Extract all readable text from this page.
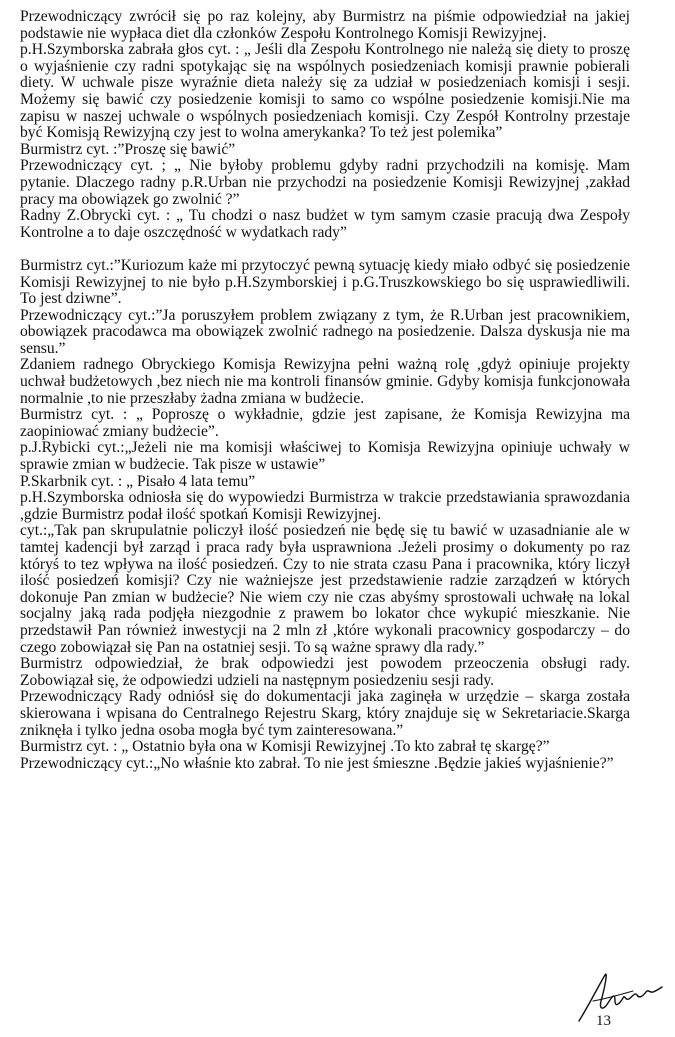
Przewodniczący zwrócił się po raz kolejny, aby Burmistrz na piśmie odpowiedział na jakiej podstawie nie wypłaca diet dla członków Zespołu Kontrolnego Komisji Rewizyjnej.

p.H.Szymborska zabrała głos cyt. : „ Jeśli dla Zespołu Kontrolnego nie należą się diety to proszę o wyjaśnienie czy radni spotykając się na wspólnych posiedzeniach komisji prawnie pobierali diety. W uchwale pisze wyraźnie dieta należy się za udział w posiedzeniach komisji i sesji. Możemy się bawić czy posiedzenie komisji to samo co wspólne posiedzenie komisji.Nie ma zapisu w naszej uchwale o wspólnych posiedzeniach komisji. Czy Zespół Kontrolny przestaje być Komisją Rewizyjną czy jest to wolna amerykanka? To też jest polemika”

Burmistrz cyt. :”Proszę się bawić”

Przewodniczący cyt. ; „ Nie byłoby problemu gdyby radni przychodzili na komisję. Mam pytanie. Dlaczego radny p.R.Urban nie przychodzi na posiedzenie Komisji Rewizyjnej ,zakład pracy ma obowiązek go zwolnić ?”

Radny Z.Obrycki cyt. : „ Tu chodzi o nasz budżet w tym samym czasie pracują dwa Zespoły Kontrolne a to daje oszczędność w wydatkach rady”

Burmistrz cyt.:”Kuriozum każe mi przytoczyć pewną sytuację kiedy miało odbyć się posiedzenie Komisji Rewizyjnej to nie było p.H.Szymborskiej i p.G.Truszkowskiego bo się usprawiedliwili. To jest dziwne”.

Przewodniczący cyt.:”Ja poruszyłem problem związany z tym, że R.Urban jest pracownikiem, obowiązek pracodawca ma obowiązek zwolnić radnego na posiedzenie. Dalsza dyskusja nie ma sensu.”

Zdaniem radnego Obryckiego Komisja Rewizyjna pełni ważną rolę ,gdyż opiniuje projekty uchwał budżetowych ,bez niech nie ma kontroli finansów gminie. Gdyby komisja funkcjonowała normalnie ,to nie przeszłaby żadna zmiana w budżecie.

Burmistrz cyt. : „ Poproszę o wykładnie, gdzie jest zapisane, że Komisja Rewizyjna ma zaopiniować zmiany budżecie”.

p.J.Rybicki cyt.:„Jeżeli nie ma komisji właściwej to Komisja Rewizyjna opiniuje uchwały w sprawie zmian w budżecie. Tak pisze w ustawie”

P.Skarbnik cyt. : „ Pisało 4 lata temu”

p.H.Szymborska odniosła się do wypowiedzi Burmistrza w trakcie przedstawiania sprawozdania ,gdzie Burmistrz podał ilość spotkań Komisji Rewizyjnej.

cyt.:„Tak pan skrupulatnie policzył ilość posiedzeń nie będę się tu bawić w uzasadnianie ale w tamtej kadencji był zarząd i praca rady była usprawniona .Jeżeli prosimy o dokumenty po raz któryś to tez wpływa na ilość posiedzeń. Czy to nie strata czasu Pana i pracownika, który liczył ilość posiedzeń komisji? Czy nie ważniejsze jest przedstawienie radzie zarządzeń w których dokonuje Pan zmian w budżecie? Nie wiem czy nie czas abyśmy sprostowali uchwałę na lokal socjalny jaką rada podjęła niezgodnie z prawem bo lokator chce wykupić mieszkanie. Nie przedstawił Pan również inwestycji na 2 mln zł ,które wykonali pracownicy gospodarczy – do czego zobowiązał się Pan na ostatniej sesji. To są ważne sprawy dla rady.”

Burmistrz odpowiedział, że brak odpowiedzi jest powodem przeoczenia obsługi rady. Zobowiązał się, że odpowiedzi udzieli na następnym posiedzeniu sesji rady.

Przewodniczący Rady odniósł się do dokumentacji jaka zaginęła w urzędzie – skarga została skierowana i wpisana do Centralnego Rejestru Skarg, który znajduje się w Sekretariacie.Skarga zniknęła i tylko jedna osoba mogła być tym zainteresowana.”

Burmistrz cyt. : „ Ostatnio była ona w Komisji Rewizyjnej .To kto zabrał tę skargę?”

Przewodniczący cyt.:„No właśnie kto zabrał. To nie jest śmieszne .Będzie jakieś wyjaśnienie?”

13
